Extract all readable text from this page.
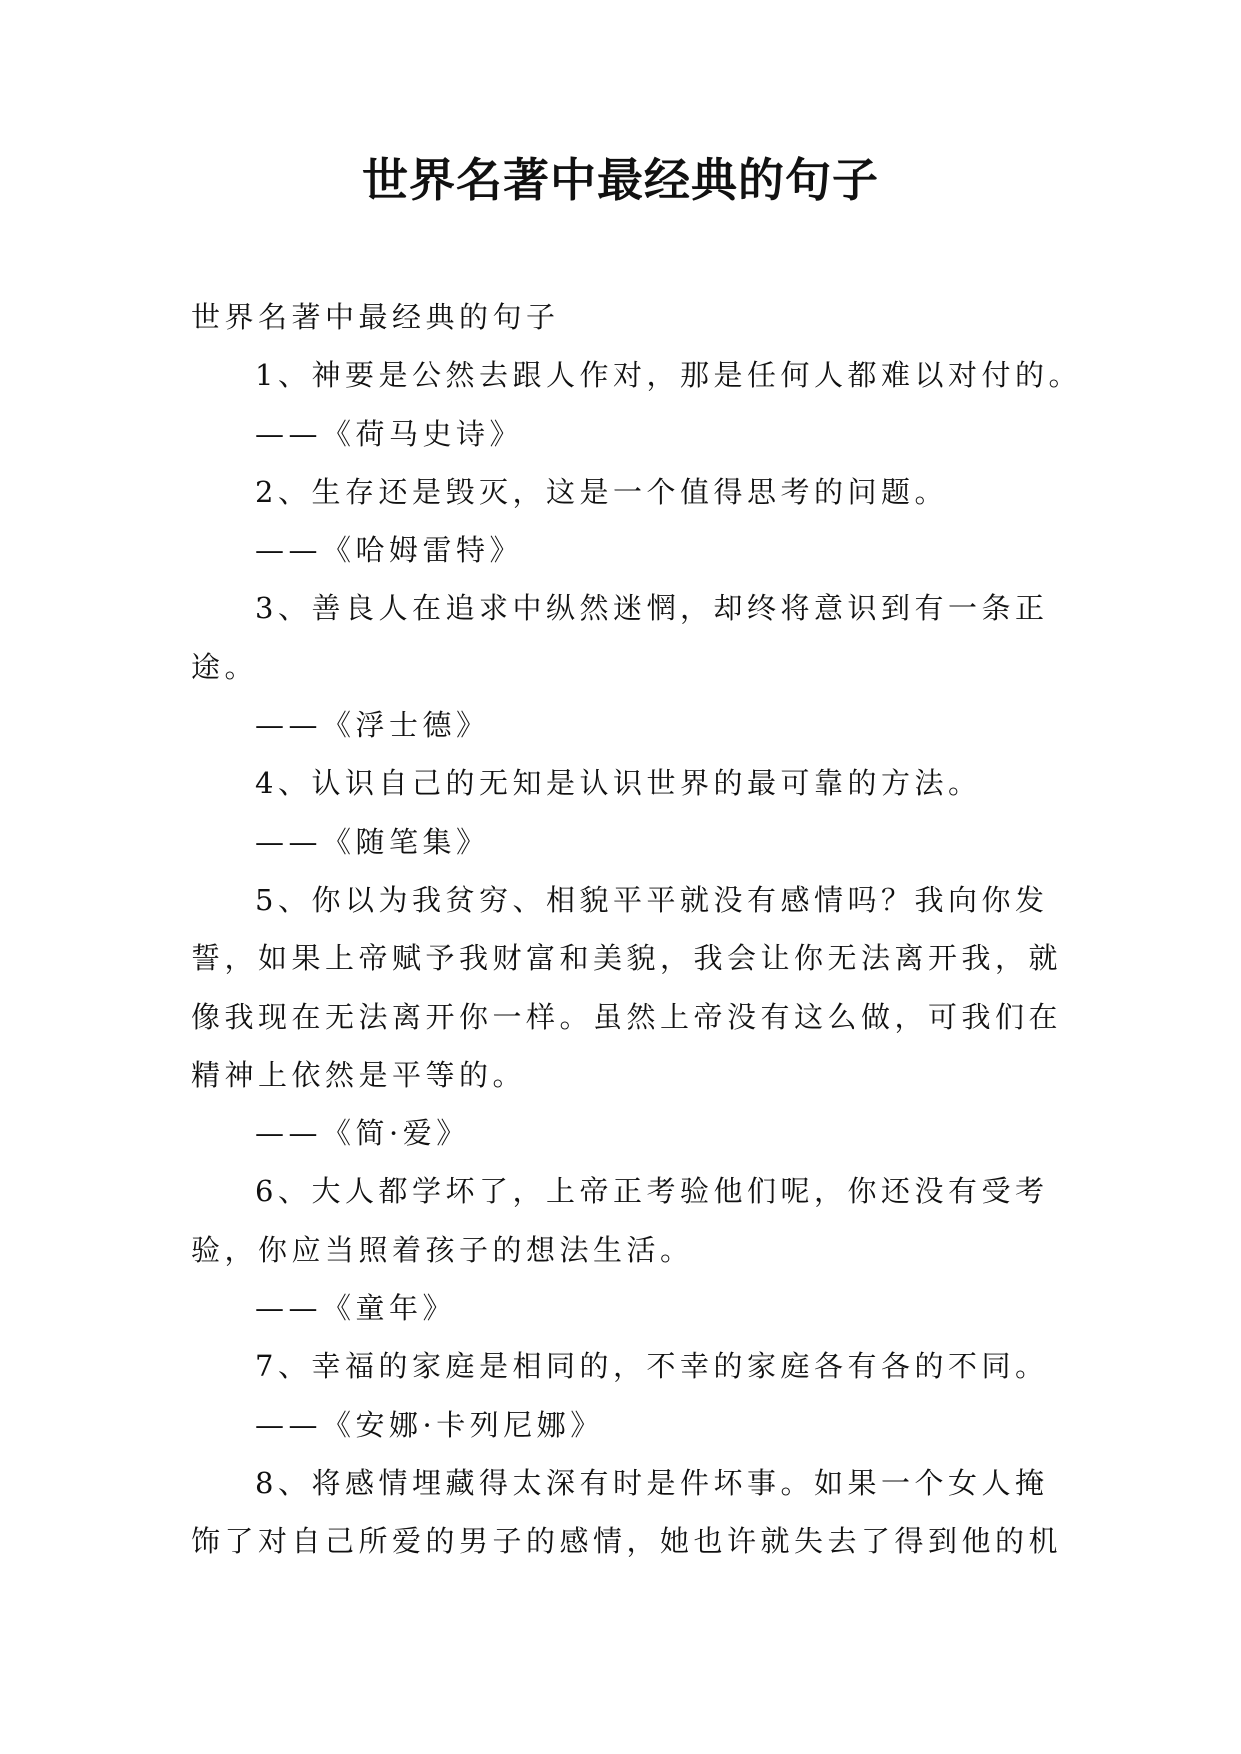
世界名著中最经典的句子

世界名著中最经典的句子

1、神要是公然去跟人作对，那是任何人都难以对付的。

——《荷马史诗》

2、生存还是毁灭，这是一个值得思考的问题。

——《哈姆雷特》

3、善良人在追求中纵然迷惘，却终将意识到有一条正

途。

——《浮士德》

4、认识自己的无知是认识世界的最可靠的方法。

——《随笔集》

5、你以为我贫穷、相貌平平就没有感情吗？我向你发

誓，如果上帝赋予我财富和美貌，我会让你无法离开我，就

像我现在无法离开你一样。虽然上帝没有这么做，可我们在

精神上依然是平等的。

——《简·爱》

6、大人都学坏了，上帝正考验他们呢，你还没有受考

验，你应当照着孩子的想法生活。

——《童年》

7、幸福的家庭是相同的，不幸的家庭各有各的不同。

——《安娜·卡列尼娜》

8、将感情埋藏得太深有时是件坏事。如果一个女人掩

饰了对自己所爱的男子的感情，她也许就失去了得到他的机
